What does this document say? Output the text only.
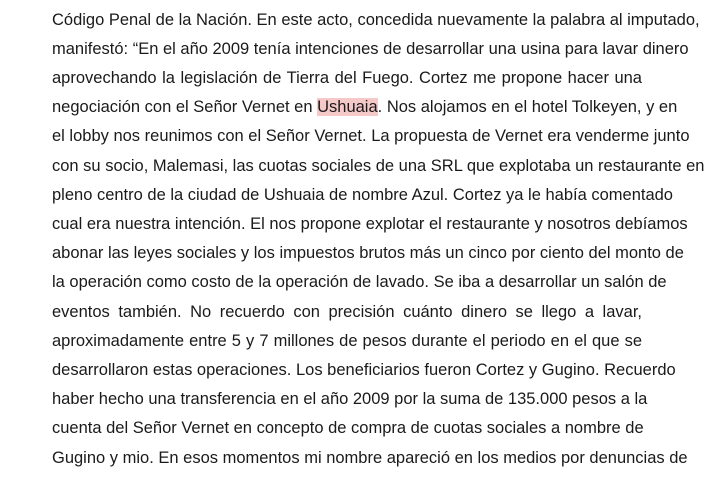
Código Penal de la Nación. En este acto, concedida nuevamente la palabra al imputado,
manifestó: “En el año 2009 tenía intenciones de desarrollar una usina para lavar dinero
aprovechando la legislación de Tierra del Fuego. Cortez me propone hacer una
negociación con el Señor Vernet en Ushuaia. Nos alojamos en el hotel Tolkeyen, y en
el lobby nos reunimos con el Señor Vernet. La propuesta de Vernet era venderme junto
con su socio, Malemasi, las cuotas sociales de una SRL que explotaba un restaurante en
pleno centro de la ciudad de Ushuaia de nombre Azul. Cortez ya le había comentado
cual era nuestra intención. El nos propone explotar el restaurante y nosotros debíamos
abonar las leyes sociales y los impuestos brutos más un cinco por ciento del monto de
la operación como costo de la operación de lavado. Se iba a desarrollar un salón de
eventos también. No recuerdo con precisión cuánto dinero se llego a lavar,
aproximadamente entre 5 y 7 millones de pesos durante el periodo en el que se
desarrollaron estas operaciones. Los beneficiarios fueron Cortez y Gugino. Recuerdo
haber hecho una transferencia en el año 2009 por la suma de 135.000 pesos a la
cuenta del Señor Vernet en concepto de compra de cuotas sociales a nombre de
Gugino y mio. En esos momentos mi nombre apareció en los medios por denuncias de
